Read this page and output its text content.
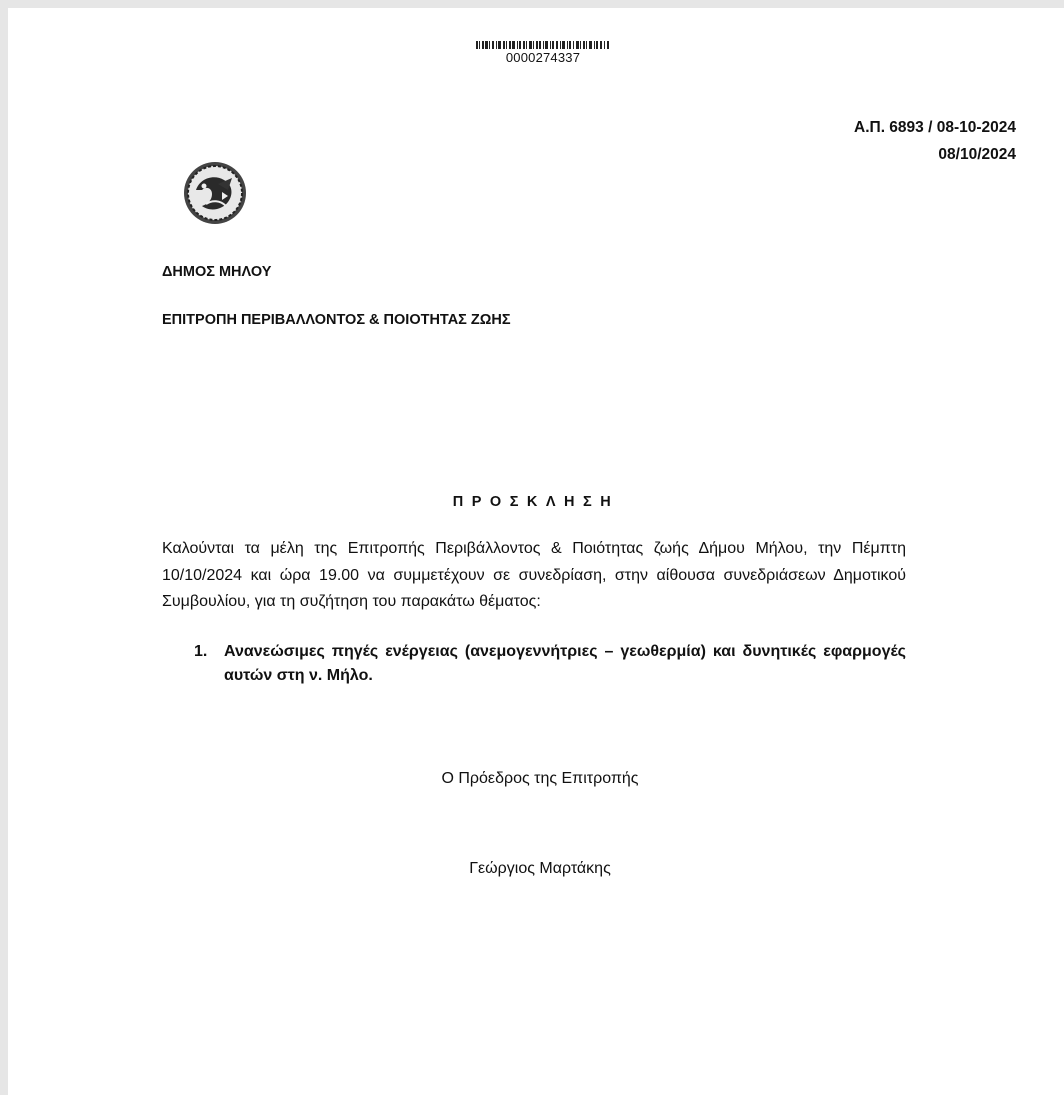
0000274337
Α.Π. 6893 / 08-10-2024
08/10/2024
ΔΗΜΟΣ ΜΗΛΟΥ
ΕΠΙΤΡΟΠΗ ΠΕΡΙΒΑΛΛΟΝΤΟΣ & ΠΟΙΟΤΗΤΑΣ ΖΩΗΣ
ΠΡΟΣΚΛΗΣΗ
Καλούνται τα μέλη της Επιτροπής Περιβάλλοντος & Ποιότητας ζωής Δήμου Μήλου, την Πέμπτη 10/10/2024 και ώρα 19.00 να συμμετέχουν σε συνεδρίαση, στην αίθουσα συνεδριάσεων Δημοτικού Συμβουλίου, για τη συζήτηση του παρακάτω θέματος:
1.	Ανανεώσιμες πηγές ενέργειας (ανεμογεννήτριες – γεωθερμία) και δυνητικές εφαρμογές αυτών στη ν. Μήλο.
Ο Πρόεδρος της Επιτροπής
Γεώργιος Μαρτάκης
